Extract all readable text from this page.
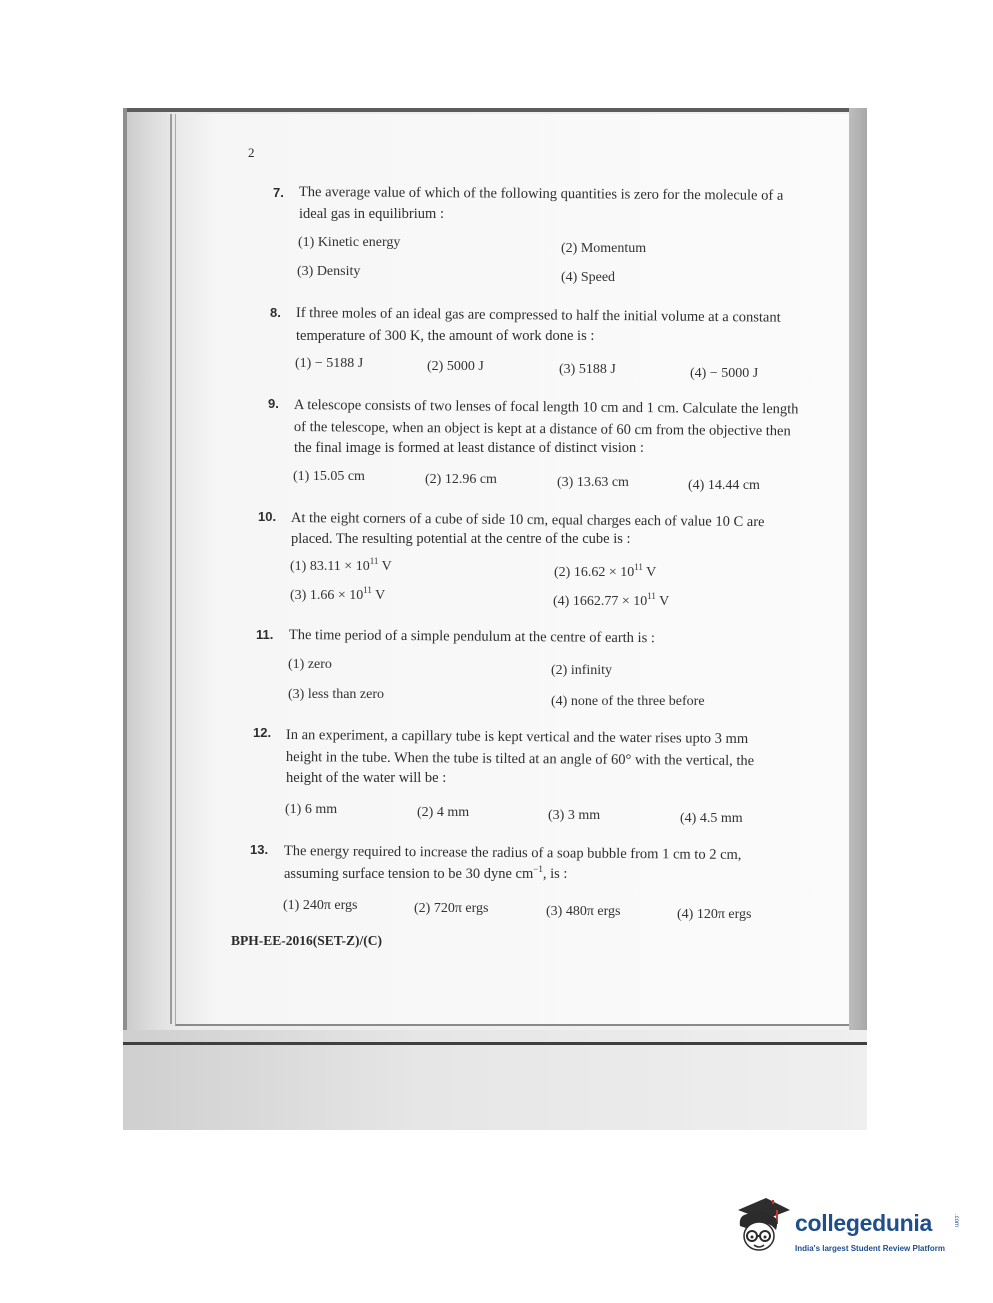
2
7. The average value of which of the following quantities is zero for the molecule of a
ideal gas in equilibrium :
(1) Kinetic energy	(2) Momentum
(3) Density	(4) Speed
8. If three moles of an ideal gas are compressed to half the initial volume at a constant
temperature of 300 K, the amount of work done is :
(1) − 5188 J	(2) 5000 J	(3) 5188 J	(4) − 5000 J
9. A telescope consists of two lenses of focal length 10 cm and 1 cm. Calculate the length
of the telescope, when an object is kept at a distance of 60 cm from the objective then
the final image is formed at least distance of distinct vision :
(1) 15.05 cm	(2) 12.96 cm	(3) 13.63 cm	(4) 14.44 cm
10. At the eight corners of a cube of side 10 cm, equal charges each of value 10 C are
placed. The resulting potential at the centre of the cube is :
(1) $83.11 \times 10^{11}$ V	(2) $16.62 \times 10^{11}$ V
(3) $1.66 \times 10^{11}$ V	(4) $1662.77 \times 10^{11}$ V
11. The time period of a simple pendulum at the centre of earth is :
(1) zero	(2) infinity
(3) less than zero	(4) none of the three before
12. In an experiment, a capillary tube is kept vertical and the water rises upto 3 mm
height in the tube. When the tube is tilted at an angle of 60° with the vertical, the
height of the water will be :
(1) 6 mm	(2) 4 mm	(3) 3 mm	(4) 4.5 mm
13. The energy required to increase the radius of a soap bubble from 1 cm to 2 cm,
assuming surface tension to be 30 dyne $cm^{-1}$, is :
(1) 240π ergs	(2) 720π ergs	(3) 480π ergs	(4) 120π ergs
BPH-EE-2016(SET-Z)/(C)
collegedunia	.com
India's largest Student Review Platform
